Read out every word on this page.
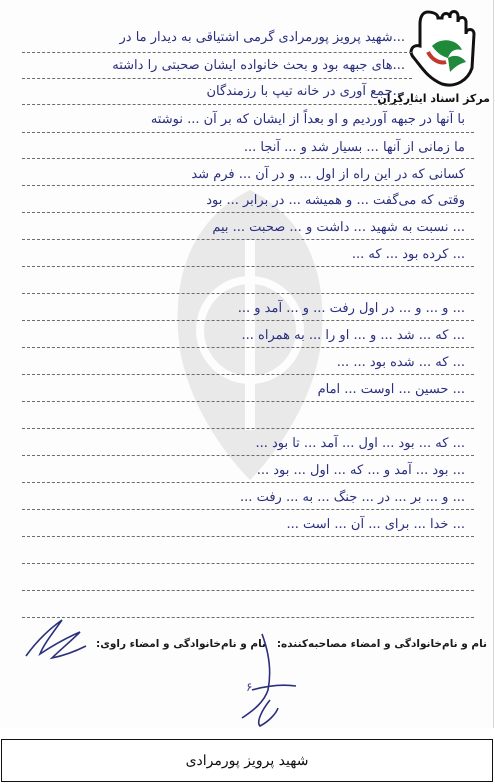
مرکز اسناد ایثارگران
...شهید پرویز پورمرادی گرمی اشتیاقی به دیدار ما در
...های جبهه بود و بحث خانواده ایشان صحبتی را داشته
...جمع آوری در خانه تیپ با رزمندگان
با آنها در جبهه آوردیم و او بعداً از ایشان که بر آن ... نوشته
ما زمانی از آنها ... بسیار شد و ... آنجا ...
کسانی که در این راه از اول ... و در آن ... فرم شد
وقتی که می‌گفت ... و همیشه ... در برابر ... بود
... نسبت به شهید ... داشت و ... صحبت ... بیم
... کرده بود ... که ...
... و ... و ... در اول رفت ... و ... آمد و ...
... که ... شد ... و ... او را ... به همراه ...
... که ... شده بود ... ...
... حسین ... اوست ... امام
... که ... بود ... اول ... آمد ... تا بود ...
... بود ... آمد و ... که ... اول ... بود ...
... و ... بر ... در ... جنگ ... به ... رفت ...
... خدا ... برای ... آن ... است ...
نام و نام‌خانوادگی و امضاء مصاحبه‌کننده:
نام و نام‌خانوادگی و امضاء راوی:
۶
شهید پرویز پورمرادی
